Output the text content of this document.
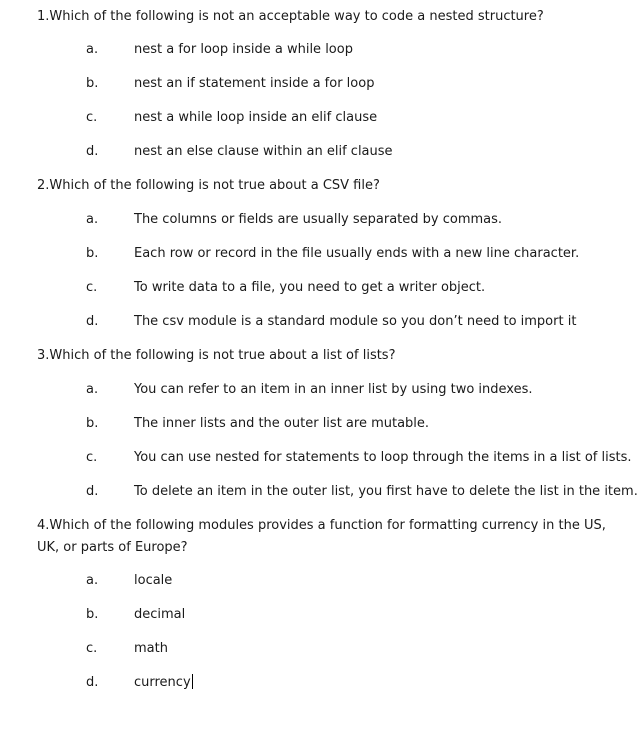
1.Which of the following is not an acceptable way to code a nested structure?
a.	nest a for loop inside a while loop
b.	nest an if statement inside a for loop
c.	nest a while loop inside an elif clause
d.	nest an else clause within an elif clause
2.Which of the following is not true about a CSV file?
a.	The columns or fields are usually separated by commas.
b.	Each row or record in the file usually ends with a new line character.
c.	To write data to a file, you need to get a writer object.
d.	The csv module is a standard module so you don’t need to import it
3.Which of the following is not true about a list of lists?
a.	You can refer to an item in an inner list by using two indexes.
b.	The inner lists and the outer list are mutable.
c.	You can use nested for statements to loop through the items in a list of lists.
d.	To delete an item in the outer list, you first have to delete the list in the item.
4.Which of the following modules provides a function for formatting currency in the US, UK, or parts of Europe?
a.	locale
b.	decimal
c.	math
d.	currency
